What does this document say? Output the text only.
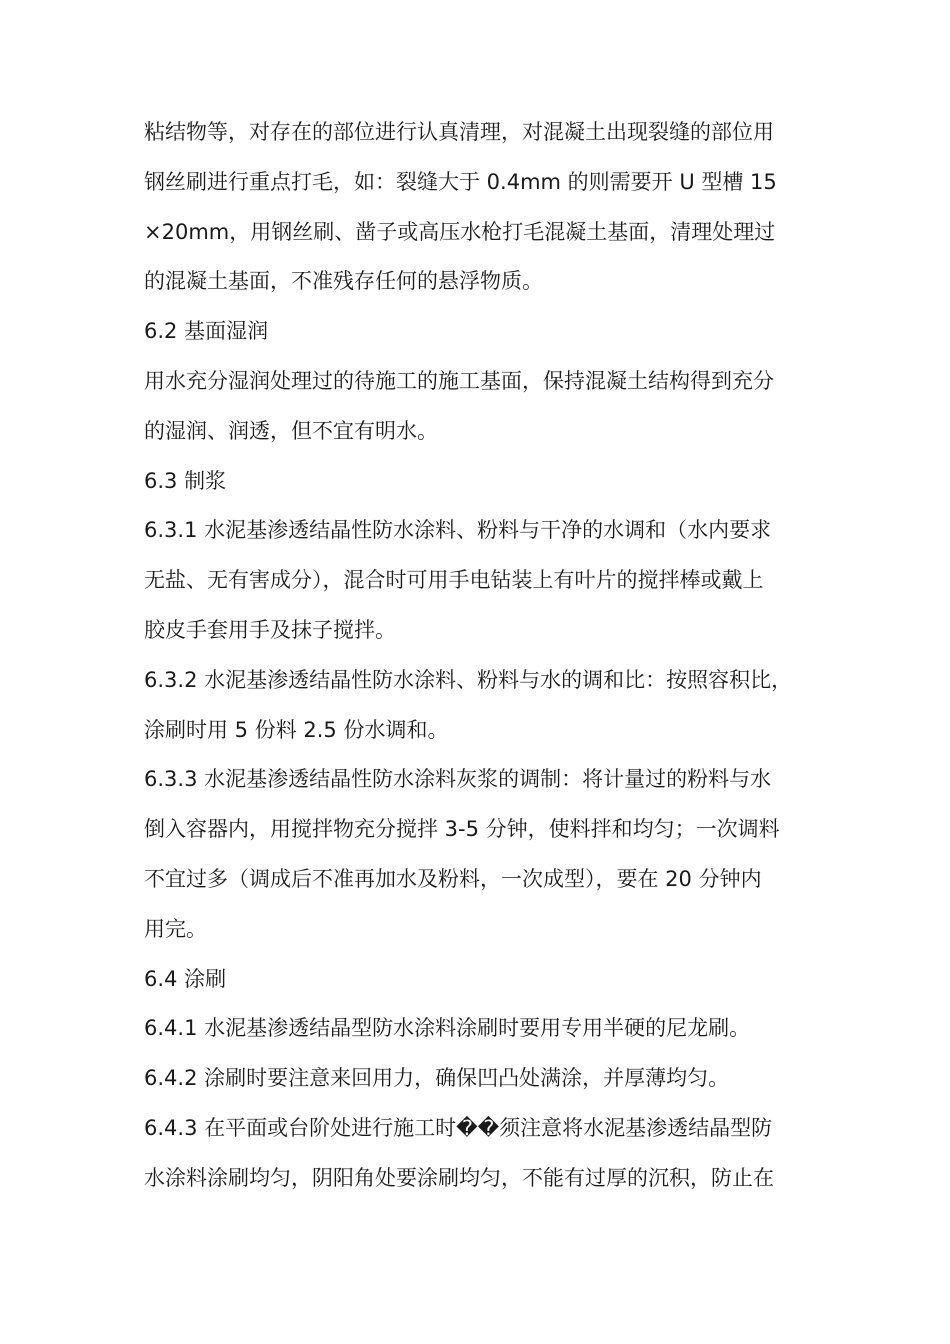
粘结物等，对存在的部位进行认真清理，对混凝土出现裂缝的部位用
钢丝刷进行重点打毛，如：裂缝大于 0.4mm 的则需要开 U 型槽 15
×20mm，用钢丝刷、凿子或高压水枪打毛混凝土基面，清理处理过
的混凝土基面，不准残存任何的悬浮物质。
6.2 基面湿润
用水充分湿润处理过的待施工的施工基面，保持混凝土结构得到充分
的湿润、润透，但不宜有明水。
6.3 制浆
6.3.1 水泥基渗透结晶性防水涂料、粉料与干净的水调和（水内要求
无盐、无有害成分），混合时可用手电钻装上有叶片的搅拌棒或戴上
胶皮手套用手及抹子搅拌。
6.3.2 水泥基渗透结晶性防水涂料、粉料与水的调和比：按照容积比，
涂刷时用 5 份料 2.5 份水调和。
6.3.3 水泥基渗透结晶性防水涂料灰浆的调制：将计量过的粉料与水
倒入容器内，用搅拌物充分搅拌 3-5 分钟，使料拌和均匀；一次调料
不宜过多（调成后不准再加水及粉料，一次成型），要在 20 分钟内
用完。
6.4 涂刷
6.4.1 水泥基渗透结晶型防水涂料涂刷时要用专用半硬的尼龙刷。
6.4.2 涂刷时要注意来回用力，确保凹凸处满涂，并厚薄均匀。
6.4.3 在平面或台阶处进行施工时��须注意将水泥基渗透结晶型防
水涂料涂刷均匀，阴阳角处要涂刷均匀，不能有过厚的沉积，防止在
